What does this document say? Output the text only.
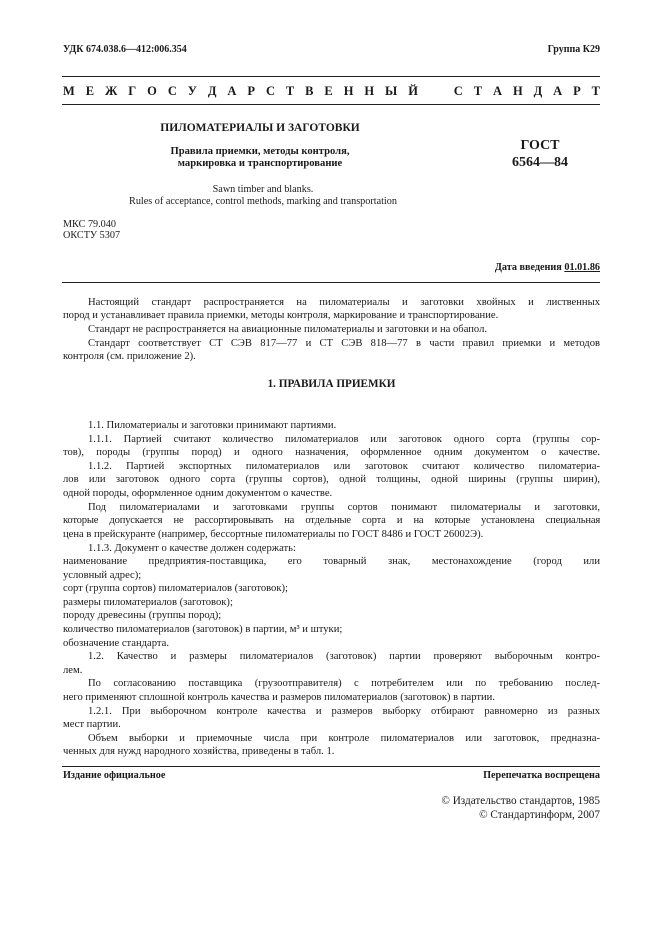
УДК 674.038.6—412:006.354	Группа К29
М Е Ж Г О С У Д А Р С Т В Е Н Н Ы Й	С Т А Н Д А Р Т
ПИЛОМАТЕРИАЛЫ И ЗАГОТОВКИ
Правила приемки, методы контроля,
маркировка и транспортирование
ГОСТ
6564—84
Sawn timber and blanks.
Rules of acceptance, control methods, marking and transportation
МКС 79.040
ОКСТУ 5307
Дата введения 01.01.86
Настоящий стандарт распространяется на пиломатериалы и заготовки хвойных и лиственных
пород и устанавливает правила приемки, методы контроля, маркирование и транспортирование.
Стандарт не распространяется на авиационные пиломатериалы и заготовки и на обапол.
Стандарт соответствует СТ СЭВ 817—77 и СТ СЭВ 818—77 в части правил приемки и методов
контроля (см. приложение 2).
1. ПРАВИЛА ПРИЕМКИ
1.1. Пиломатериалы и заготовки принимают партиями.
1.1.1. Партией считают количество пиломатериалов или заготовок одного сорта (группы сор-
тов), породы (группы пород) и одного назначения, оформленное одним документом о качестве.
1.1.2. Партией экспортных пиломатериалов или заготовок считают количество пиломатериа-
лов или заготовок одного сорта (группы сортов), одной толщины, одной ширины (группы ширин),
одной породы, оформленное одним документом о качестве.
Под пиломатериалами и заготовками группы сортов понимают пиломатериалы и заготовки,
которые допускается не рассортировывать на отдельные сорта и на которые установлена специальная
цена в прейскуранте (например, бессортные пиломатериалы по ГОСТ 8486 и ГОСТ 26002Э).
1.1.3. Документ о качестве должен содержать:
наименование предприятия-поставщика, его товарный знак, местонахождение (город или
условный адрес);
сорт (группа сортов) пиломатериалов (заготовок);
размеры пиломатериалов (заготовок);
породу древесины (группы пород);
количество пиломатериалов (заготовок) в партии, м³ и штуки;
обозначение стандарта.
1.2. Качество и размеры пиломатериалов (заготовок) партии проверяют выборочным контро-
лем.
По согласованию поставщика (грузоотправителя) с потребителем или по требованию послед-
него применяют сплошной контроль качества и размеров пиломатериалов (заготовок) в партии.
1.2.1. При выборочном контроле качества и размеров выборку отбирают равномерно из разных
мест партии.
Объем выборки и приемочные числа при контроле пиломатериалов или заготовок, предназна-
ченных для нужд народного хозяйства, приведены в табл. 1.
Издание официальное	Перепечатка воспрещена
© Издательство стандартов, 1985
© Стандартинформ, 2007
